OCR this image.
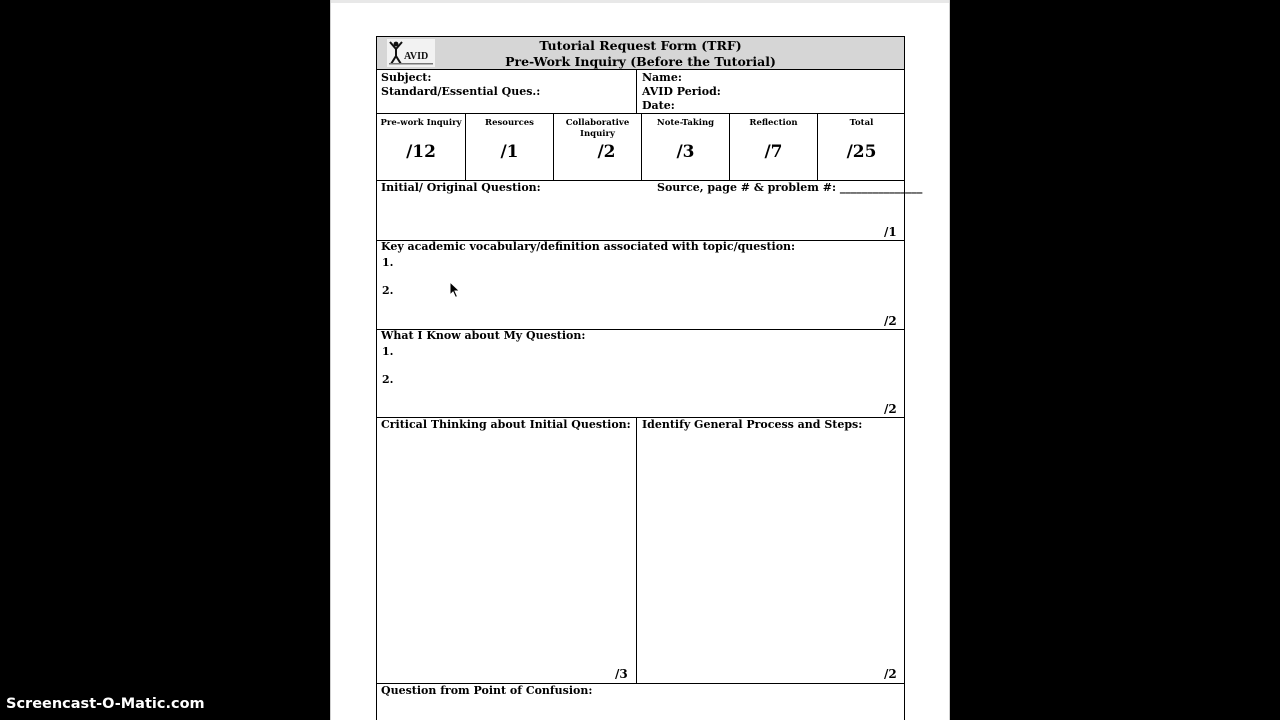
AVID
Tutorial Request Form (TRF)
Pre-Work Inquiry (Before the Tutorial)
Subject:
Standard/Essential Ques.:
Name:
AVID Period:
Date:
Pre-work Inquiry
/12
Resources
/1
Collaborative Inquiry
/2
Note-Taking
/3
Reflection
/7
Total
/25
Initial/ Original Question:	Source, page # & problem #: _______________
/1
Key academic vocabulary/definition associated with topic/question:
1.
2.
/2
What I Know about My Question:
1.
2.
/2
Critical Thinking about Initial Question: Identify General Process and Steps:
/3	/2
Question from Point of Confusion:
Screencast-O-Matic.com
